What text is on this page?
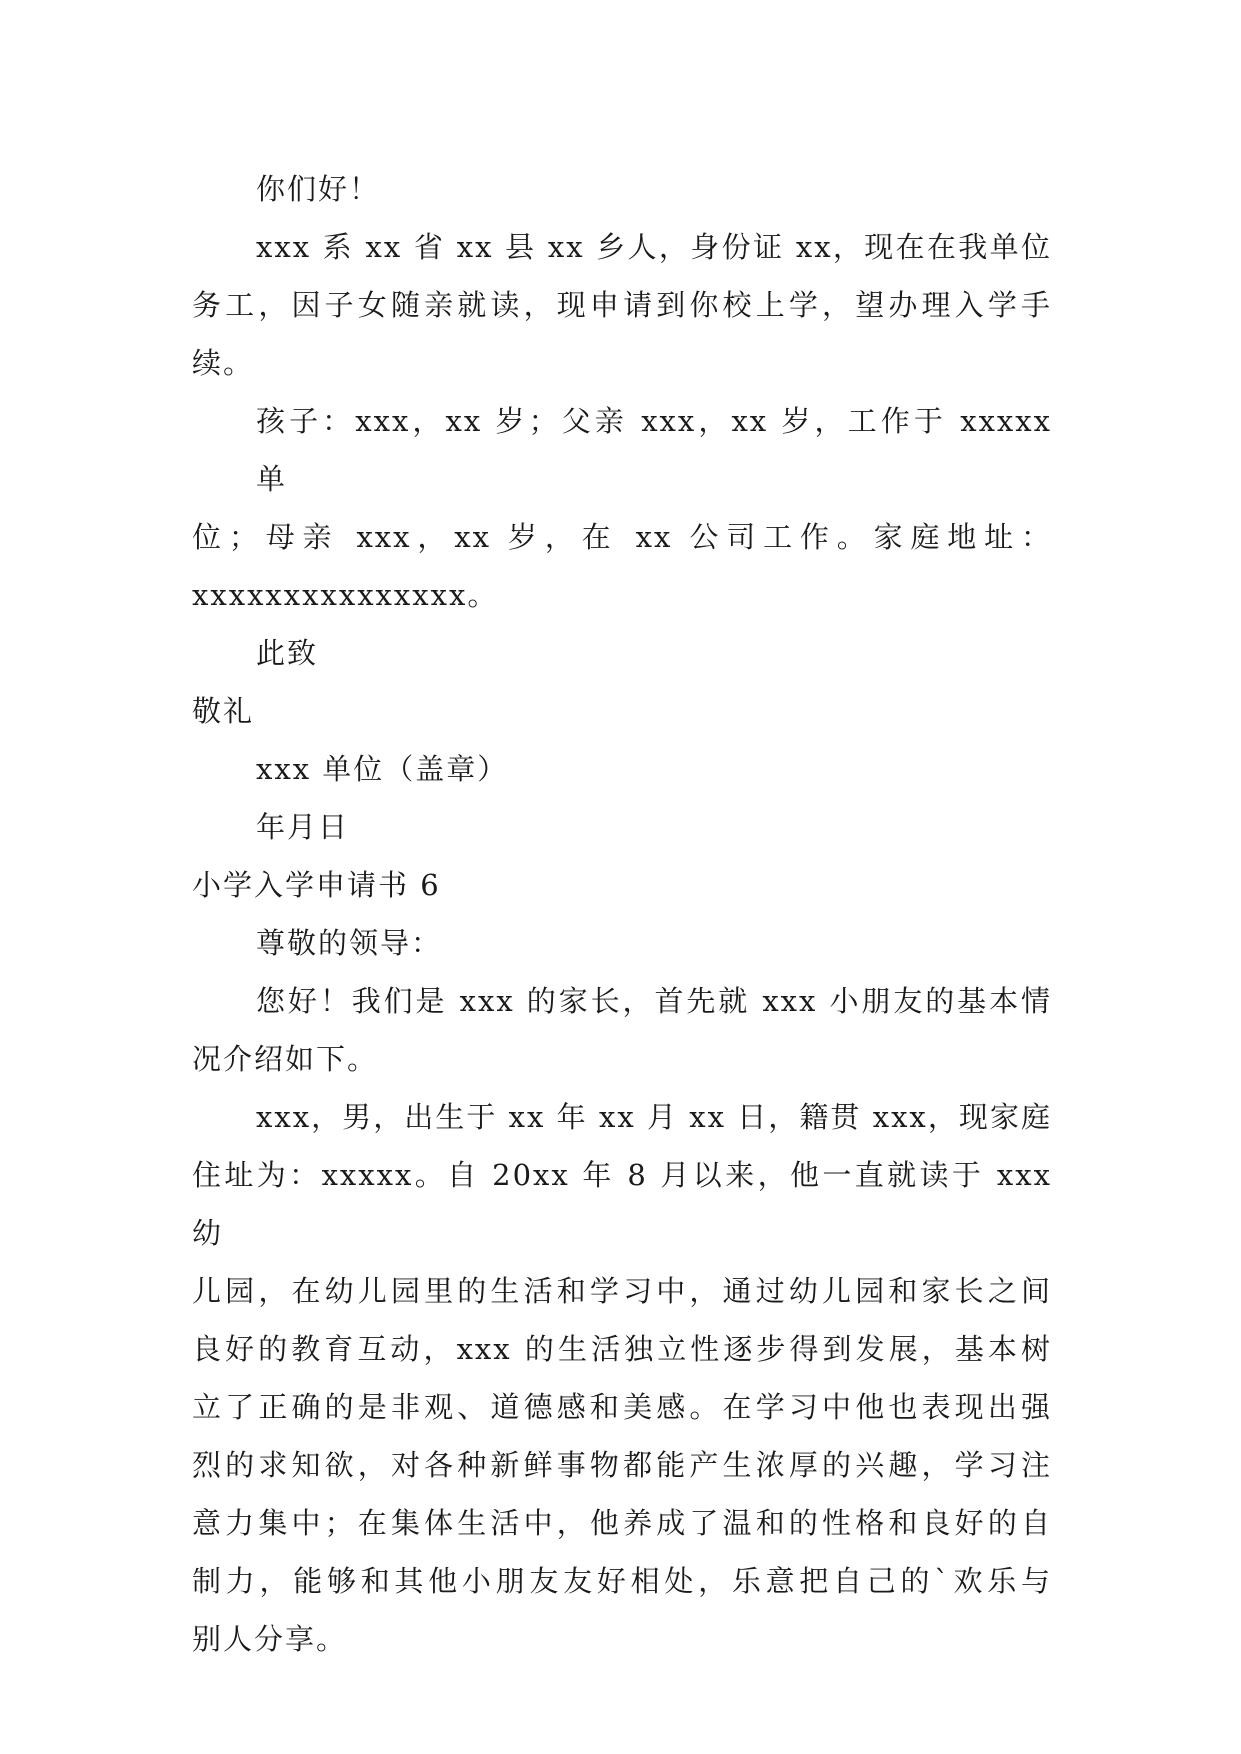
你们好！

xxx 系 xx 省 xx 县 xx 乡人，身份证 xx，现在在我单位

务工，因子女随亲就读，现申请到你校上学，望办理入学手

续。

孩子：xxx，xx 岁；父亲 xxx，xx 岁，工作于 xxxxx 单

位；母亲 xxx，xx 岁，在 xx 公司工作。家庭地址：

xxxxxxxxxxxxxxx。

此致

敬礼

xxx 单位（盖章）

年月日

小学入学申请书 6

尊敬的领导：

您好！我们是 xxx 的家长，首先就 xxx 小朋友的基本情

况介绍如下。

xxx，男，出生于 xx 年 xx 月 xx 日，籍贯 xxx，现家庭

住址为：xxxxx。自 20xx 年 8 月以来，他一直就读于 xxx 幼

儿园，在幼儿园里的生活和学习中，通过幼儿园和家长之间

良好的教育互动，xxx 的生活独立性逐步得到发展，基本树

立了正确的是非观、道德感和美感。在学习中他也表现出强

烈的求知欲，对各种新鲜事物都能产生浓厚的兴趣，学习注

意力集中；在集体生活中，他养成了温和的性格和良好的自

制力，能够和其他小朋友友好相处，乐意把自己的`欢乐与

别人分享。
